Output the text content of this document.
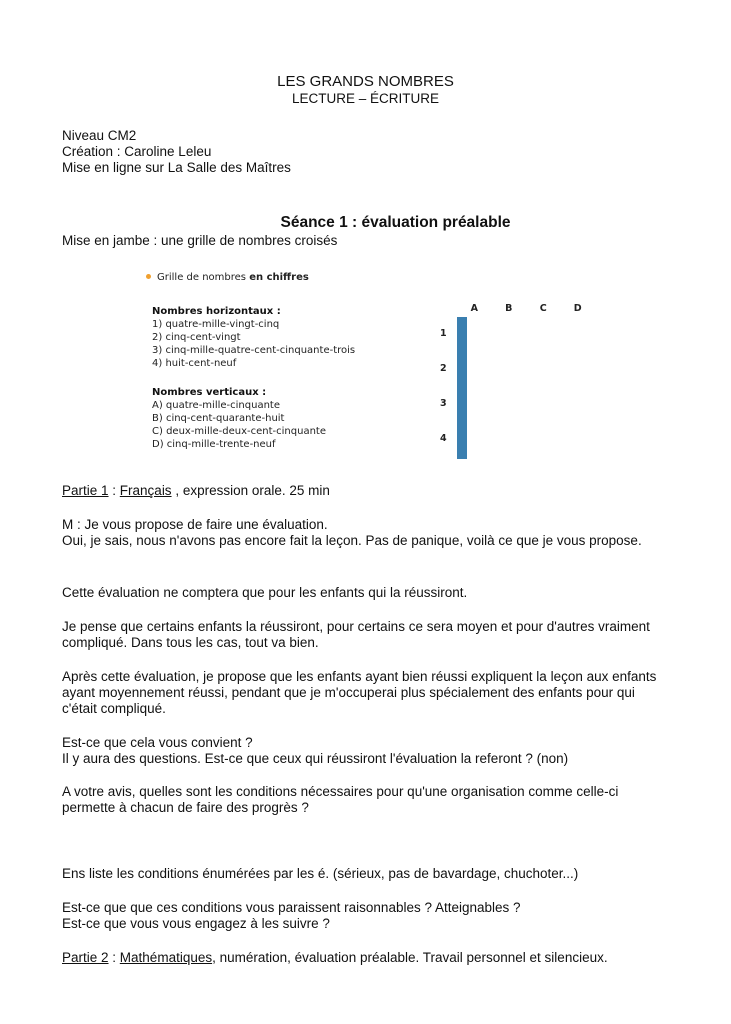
LES GRANDS NOMBRES
LECTURE – ÉCRITURE
Niveau CM2
Création : Caroline Leleu
Mise en ligne sur La Salle des Maîtres
Séance 1 : évaluation préalable
Mise en jambe : une grille de nombres croisés
Grille de nombres en chiffres
Nombres horizontaux :
1) quatre-mille-vingt-cinq
2) cinq-cent-vingt
3) cinq-mille-quatre-cent-cinquante-trois
4) huit-cent-neuf
Nombres verticaux :
A) quatre-mille-cinquante
B) cinq-cent-quarante-huit
C) deux-mille-deux-cent-cinquante
D) cinq-mille-trente-neuf
A	B	C	D
1
2
3
4

Partie 1 : Français , expression orale. 25 min
M : Je vous propose de faire une évaluation.
Oui, je sais, nous n'avons pas encore fait la leçon. Pas de panique, voilà ce que je vous propose.
Cette évaluation ne comptera que pour les enfants qui la réussiront.
Je pense que certains enfants la réussiront, pour certains ce sera moyen et pour d'autres vraiment compliqué. Dans tous les cas, tout va bien.
Après cette évaluation, je propose que les enfants ayant bien réussi expliquent la leçon aux enfants ayant moyennement réussi, pendant que je m'occuperai plus spécialement des enfants pour qui c'était compliqué.
Est-ce que cela vous convient ?
Il y aura des questions. Est-ce que ceux qui réussiront l'évaluation la referont ? (non)
A votre avis, quelles sont les conditions nécessaires pour qu'une organisation comme celle-ci permette à chacun de faire des progrès ?
Ens liste les conditions énumérées par les é. (sérieux, pas de bavardage, chuchoter...)
Est-ce que que ces conditions vous paraissent raisonnables ? Atteignables ?
Est-ce que vous vous engagez à les suivre ?
Partie 2 : Mathématiques, numération, évaluation préalable. Travail personnel et silencieux.
